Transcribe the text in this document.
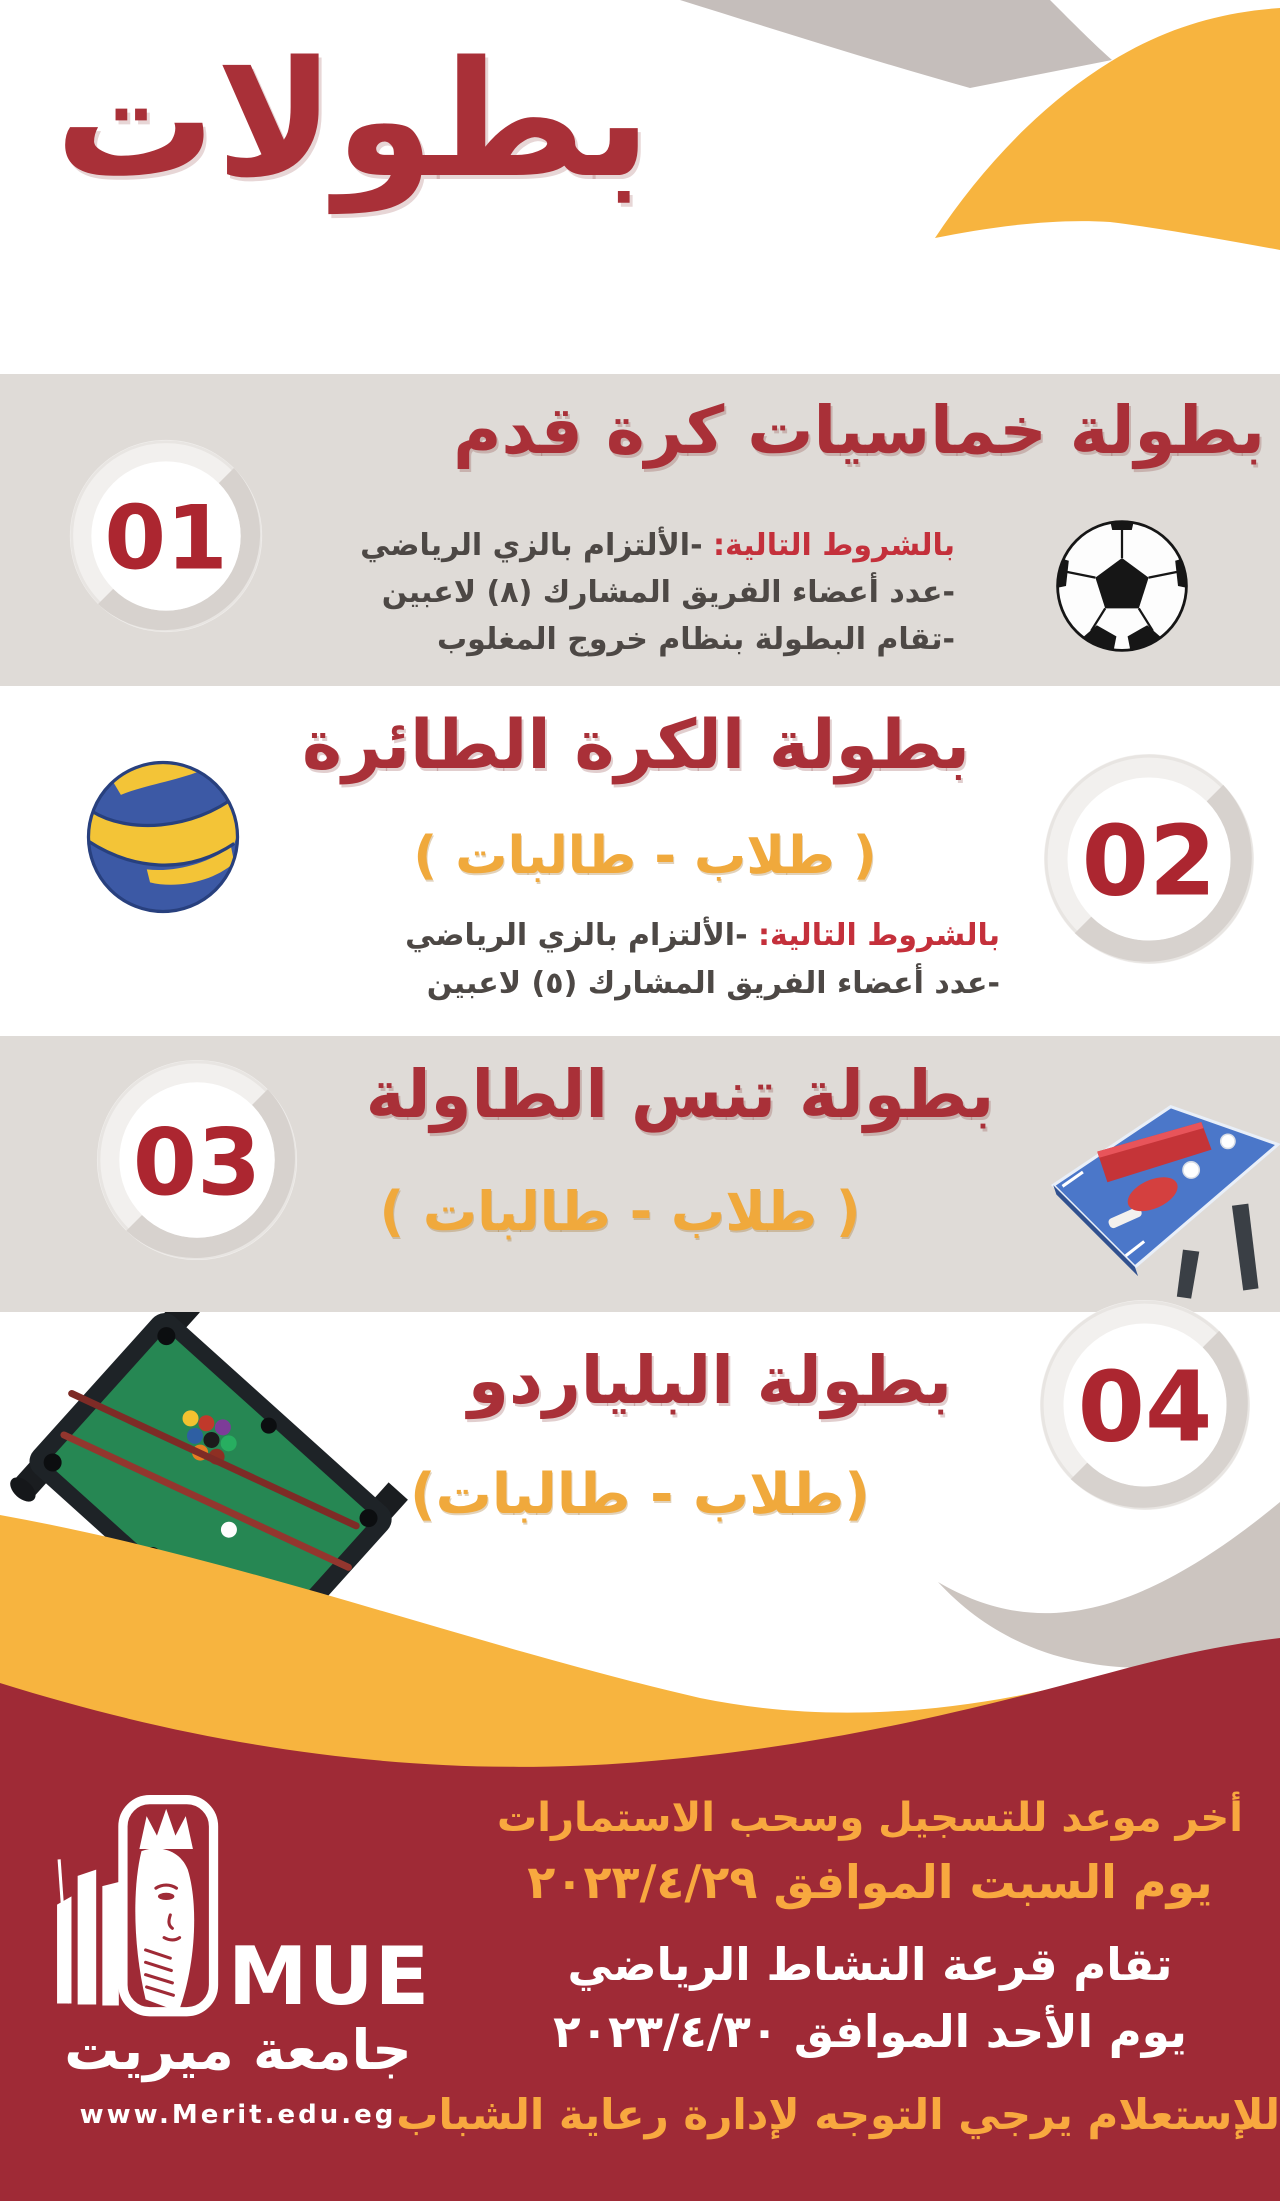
بطولات
01
بطولة خماسيات كرة قدم
بالشروط التالية: -الألتزام بالزي الرياضي
-عدد أعضاء الفريق المشارك (٨) لاعبين
-تقام البطولة بنظام خروج المغلوب
بطولة الكرة الطائرة
( طلاب - طالبات )
بالشروط التالية: -الألتزام بالزي الرياضي
-عدد أعضاء الفريق المشارك (٥) لاعبين
02
03
بطولة تنس الطاولة
( طلاب - طالبات )
بطولة البلياردو
(طلاب - طالبات)
04
MUE
جامعة ميريت
www.Merit.edu.eg
أخر موعد للتسجيل وسحب الاستمارات
يوم السبت الموافق ٢٠٢٣/٤/٢٩
تقام قرعة النشاط الرياضي
يوم الأحد الموافق ٢٠٢٣/٤/٣٠
للإستعلام يرجي التوجه لإدارة رعاية الشباب
